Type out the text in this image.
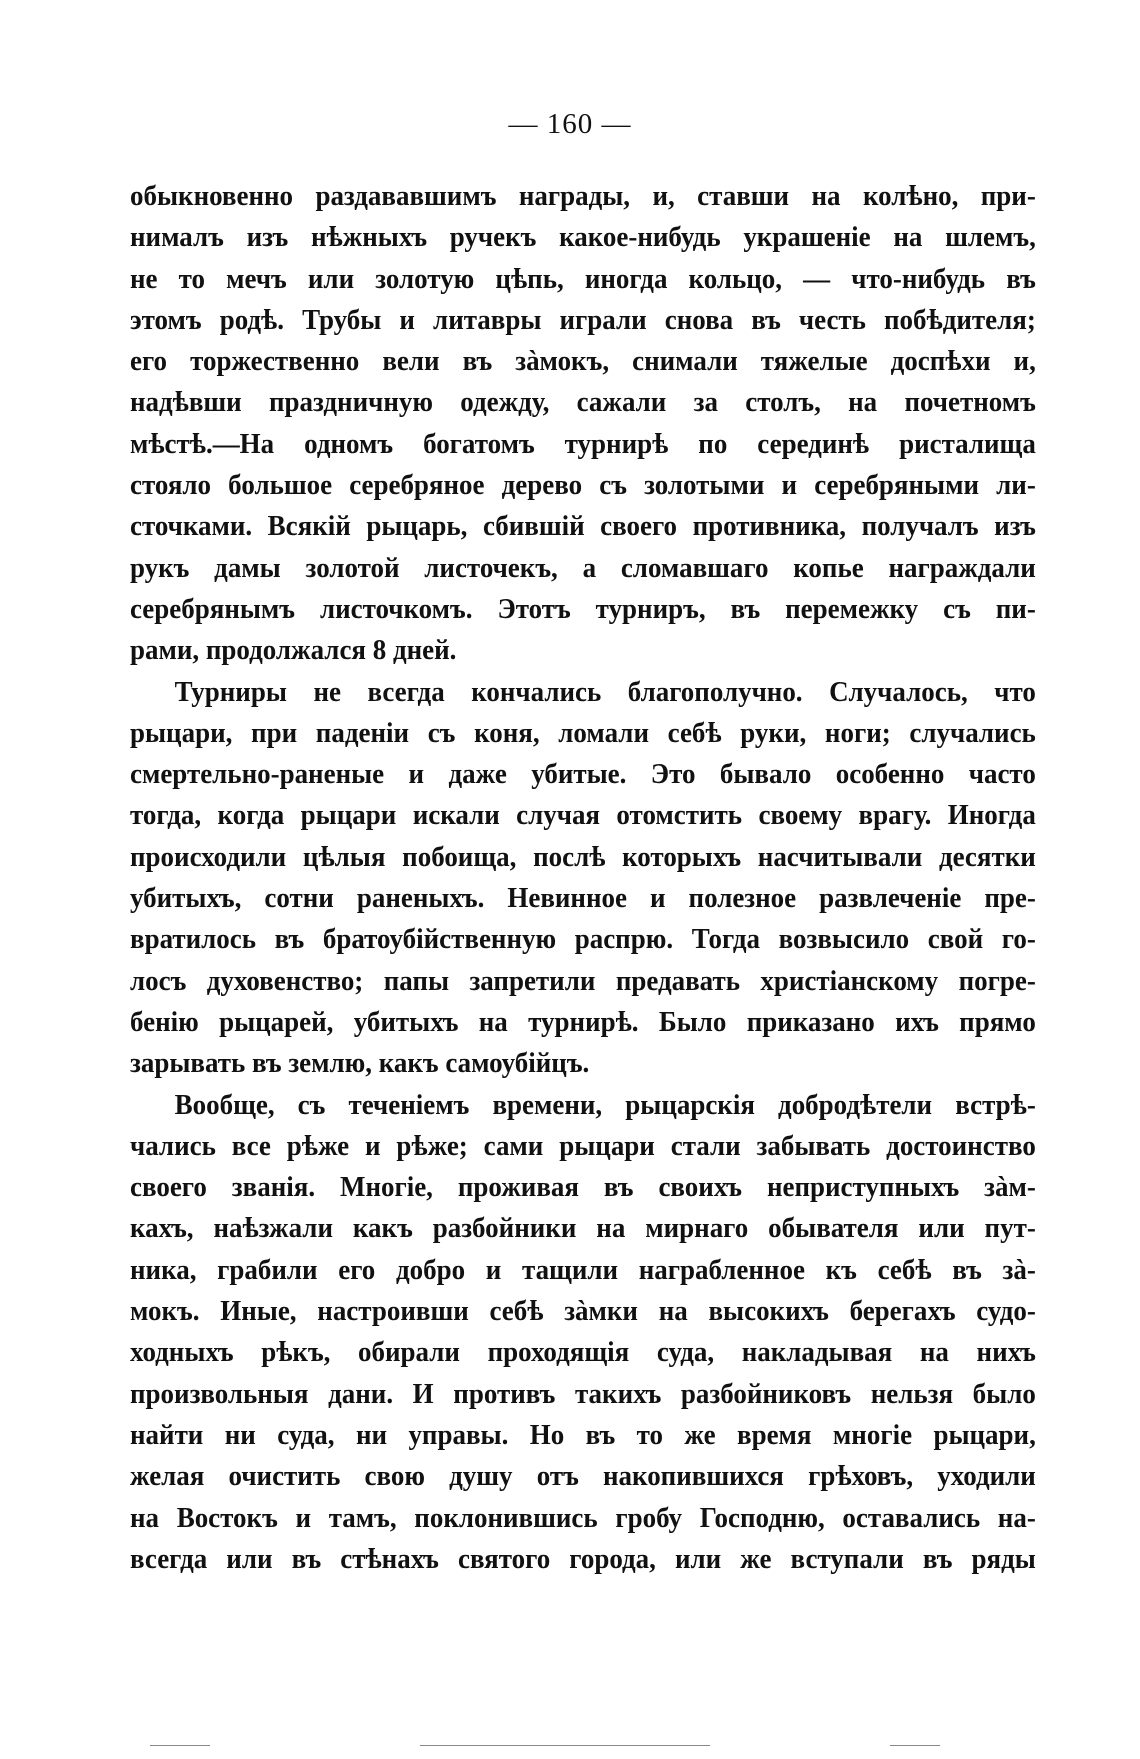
— 160 —
обыкновенно раздававшимъ награды, и, ставши на колѣно, при-
нималъ изъ нѣжныхъ ручекъ какое-нибудь украшеніе на шлемъ,
не то мечъ или золотую цѣпь, иногда кольцо, — что-нибудь въ
этомъ родѣ. Трубы и литавры играли снова въ честь побѣдителя;
его торжественно вели въ зàмокъ, снимали тяжелые доспѣхи и,
надѣвши праздничную одежду, сажали за столъ, на почетномъ
мѣстѣ.—На одномъ богатомъ турнирѣ по серединѣ ристалища
стояло большое серебряное дерево съ золотыми и серебряными ли-
сточками. Всякій рыцарь, сбившій своего противника, получалъ изъ
рукъ дамы золотой листочекъ, а сломавшаго копье награждали
серебрянымъ листочкомъ. Этотъ турниръ, въ перемежку съ пи-
рами, продолжался 8 дней.
Турниры не всегда кончались благополучно. Случалось, что
рыцари, при паденіи съ коня, ломали себѣ руки, ноги; случались
смертельно-раненые и даже убитые. Это бывало особенно часто
тогда, когда рыцари искали случая отомстить своему врагу. Иногда
происходили цѣлыя побоища, послѣ которыхъ насчитывали десятки
убитыхъ, сотни раненыхъ. Невинное и полезное развлеченіе пре-
вратилось въ братоубійственную распрю. Тогда возвысило свой го-
лосъ духовенство; папы запретили предавать христіанскому погре-
бенію рыцарей, убитыхъ на турнирѣ. Было приказано ихъ прямо
зарывать въ землю, какъ самоубійцъ.
Вообще, съ теченіемъ времени, рыцарскія добродѣтели встрѣ-
чались все рѣже и рѣже; сами рыцари стали забывать достоинство
своего званія. Многіе, проживая въ своихъ неприступныхъ зàм-
кахъ, наѣзжали какъ разбойники на мирнаго обывателя или пут-
ника, грабили его добро и тащили награбленное къ себѣ въ зà-
мокъ. Иные, настроивши себѣ зàмки на высокихъ берегахъ судо-
ходныхъ рѣкъ, обирали проходящія суда, накладывая на нихъ
произвольныя дани. И противъ такихъ разбойниковъ нельзя было
найти ни суда, ни управы. Но въ то же время многіе рыцари,
желая очистить свою душу отъ накопившихся грѣховъ, уходили
на Востокъ и тамъ, поклонившись гробу Господню, оставались на-
всегда или въ стѣнахъ святого города, или же вступали въ ряды
